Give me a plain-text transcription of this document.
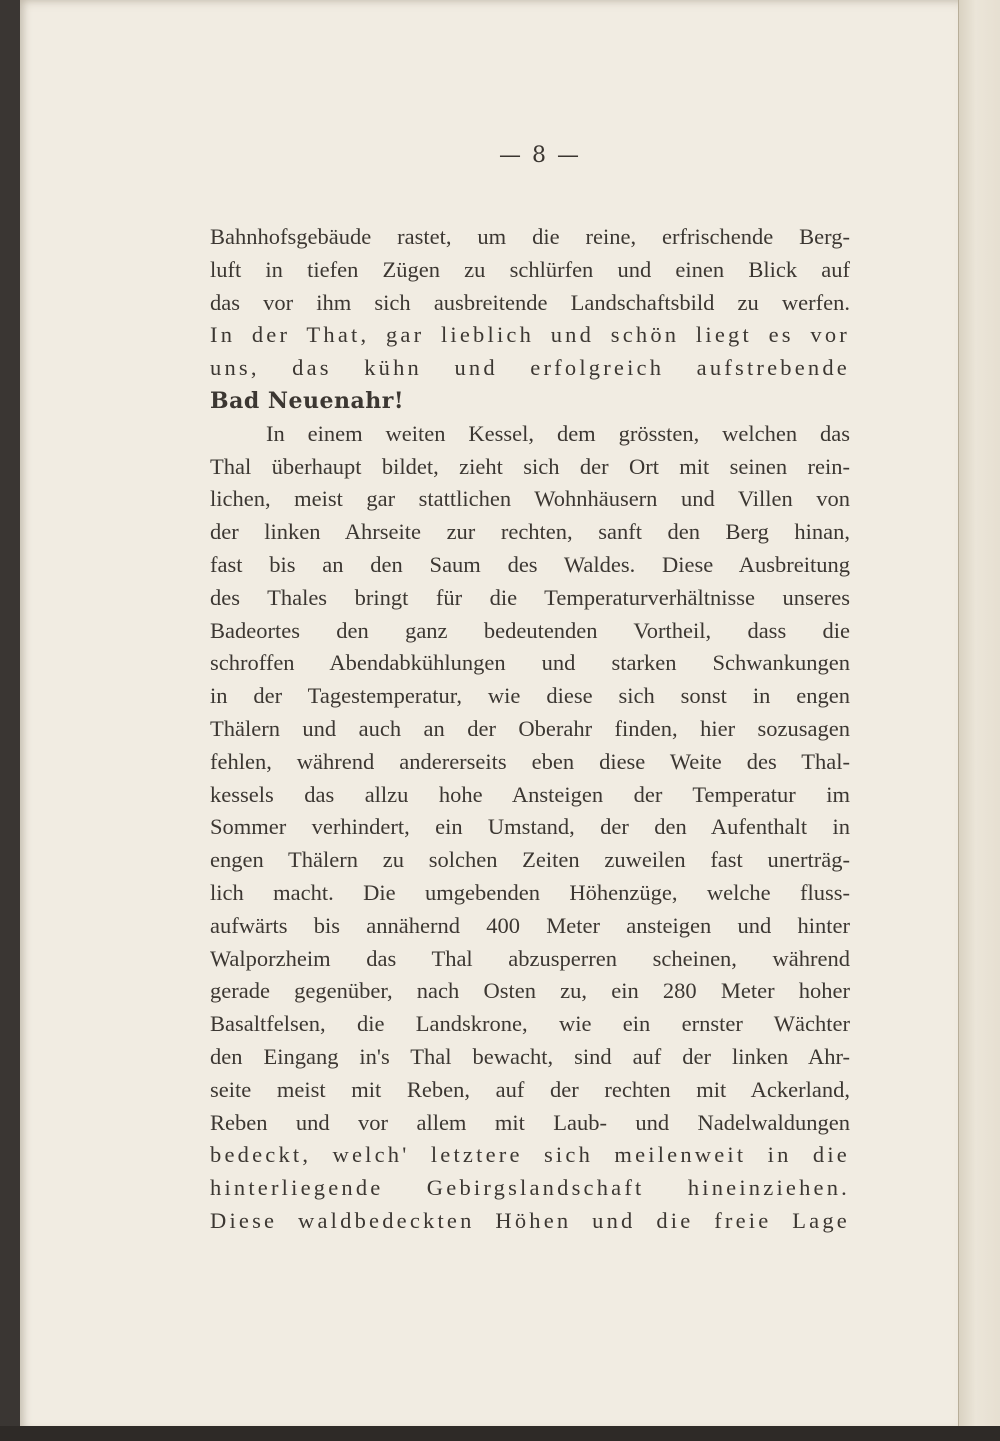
— 8 —
Bahnhofsgebäude rastet, um die reine, erfrischende Berg-
luft in tiefen Zügen zu schlürfen und einen Blick auf
das vor ihm sich ausbreitende Landschaftsbild zu werfen.
In der That, gar lieblich und schön liegt es vor
uns, das kühn und erfolgreich aufstrebende
Bad Neuenahr!
In einem weiten Kessel, dem grössten, welchen das
Thal überhaupt bildet, zieht sich der Ort mit seinen rein-
lichen, meist gar stattlichen Wohnhäusern und Villen von
der linken Ahrseite zur rechten, sanft den Berg hinan,
fast bis an den Saum des Waldes. Diese Ausbreitung
des Thales bringt für die Temperaturverhältnisse unseres
Badeortes den ganz bedeutenden Vortheil, dass die
schroffen Abendabkühlungen und starken Schwankungen
in der Tagestemperatur, wie diese sich sonst in engen
Thälern und auch an der Oberahr finden, hier sozusagen
fehlen, während andererseits eben diese Weite des Thal-
kessels das allzu hohe Ansteigen der Temperatur im
Sommer verhindert, ein Umstand, der den Aufenthalt in
engen Thälern zu solchen Zeiten zuweilen fast unerträg-
lich macht. Die umgebenden Höhenzüge, welche fluss-
aufwärts bis annähernd 400 Meter ansteigen und hinter
Walporzheim das Thal abzusperren scheinen, während
gerade gegenüber, nach Osten zu, ein 280 Meter hoher
Basaltfelsen, die Landskrone, wie ein ernster Wächter
den Eingang in's Thal bewacht, sind auf der linken Ahr-
seite meist mit Reben, auf der rechten mit Ackerland,
Reben und vor allem mit Laub- und Nadelwaldungen
bedeckt, welch' letztere sich meilenweit in die
hinterliegende Gebirgslandschaft hineinziehen.
Diese waldbedeckten Höhen und die freie Lage
